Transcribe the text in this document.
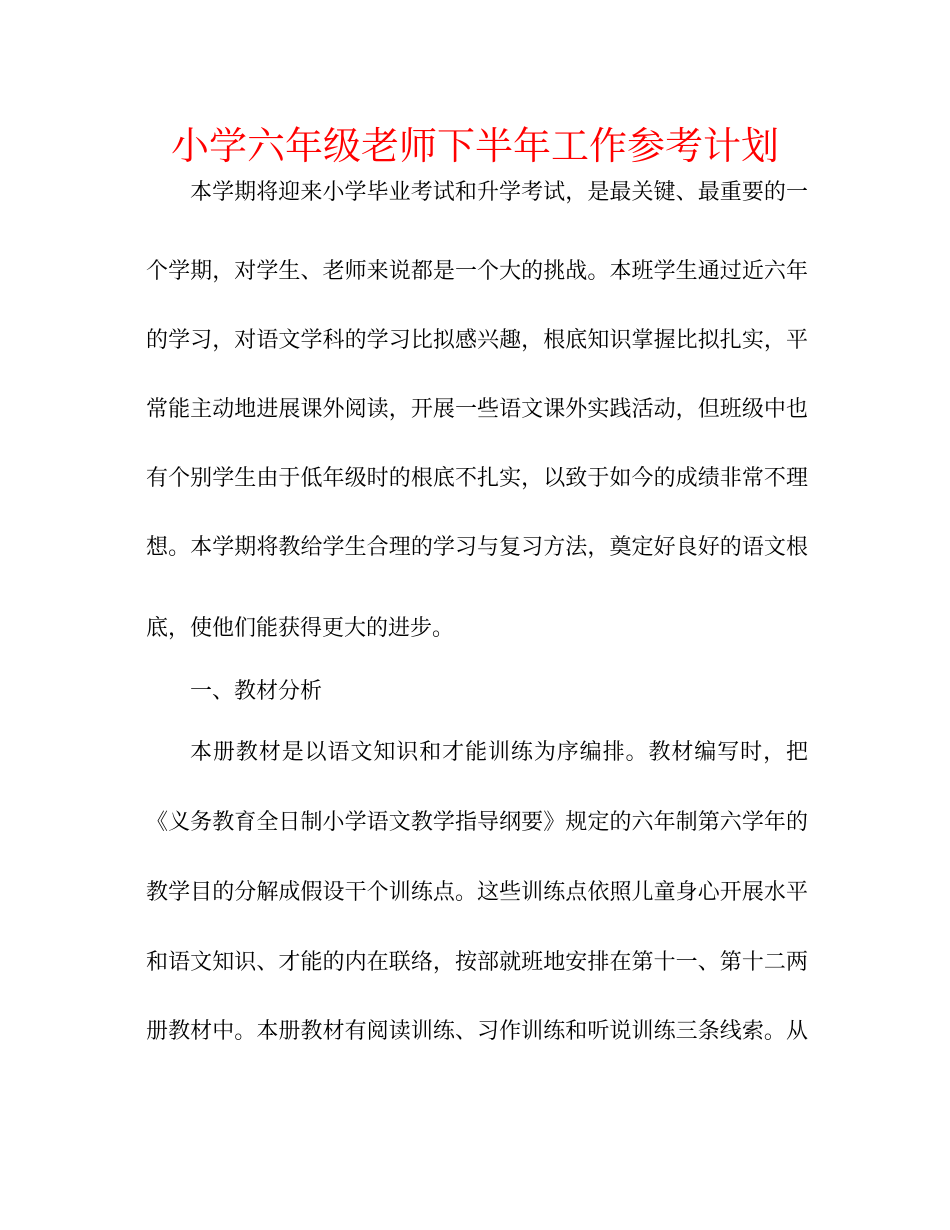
小学六年级老师下半年工作参考计划
本学期将迎来小学毕业考试和升学考试，是最关键、最重要的一
个学期，对学生、老师来说都是一个大的挑战。本班学生通过近六年
的学习，对语文学科的学习比拟感兴趣，根底知识掌握比拟扎实，平
常能主动地进展课外阅读，开展一些语文课外实践活动，但班级中也
有个别学生由于低年级时的根底不扎实，以致于如今的成绩非常不理
想。本学期将教给学生合理的学习与复习方法，奠定好良好的语文根
底，使他们能获得更大的进步。
一、教材分析
本册教材是以语文知识和才能训练为序编排。教材编写时，把
《义务教育全日制小学语文教学指导纲要》规定的六年制第六学年的
教学目的分解成假设干个训练点。这些训练点依照儿童身心开展水平
和语文知识、才能的内在联络，按部就班地安排在第十一、第十二两
册教材中。本册教材有阅读训练、习作训练和听说训练三条线索。从
